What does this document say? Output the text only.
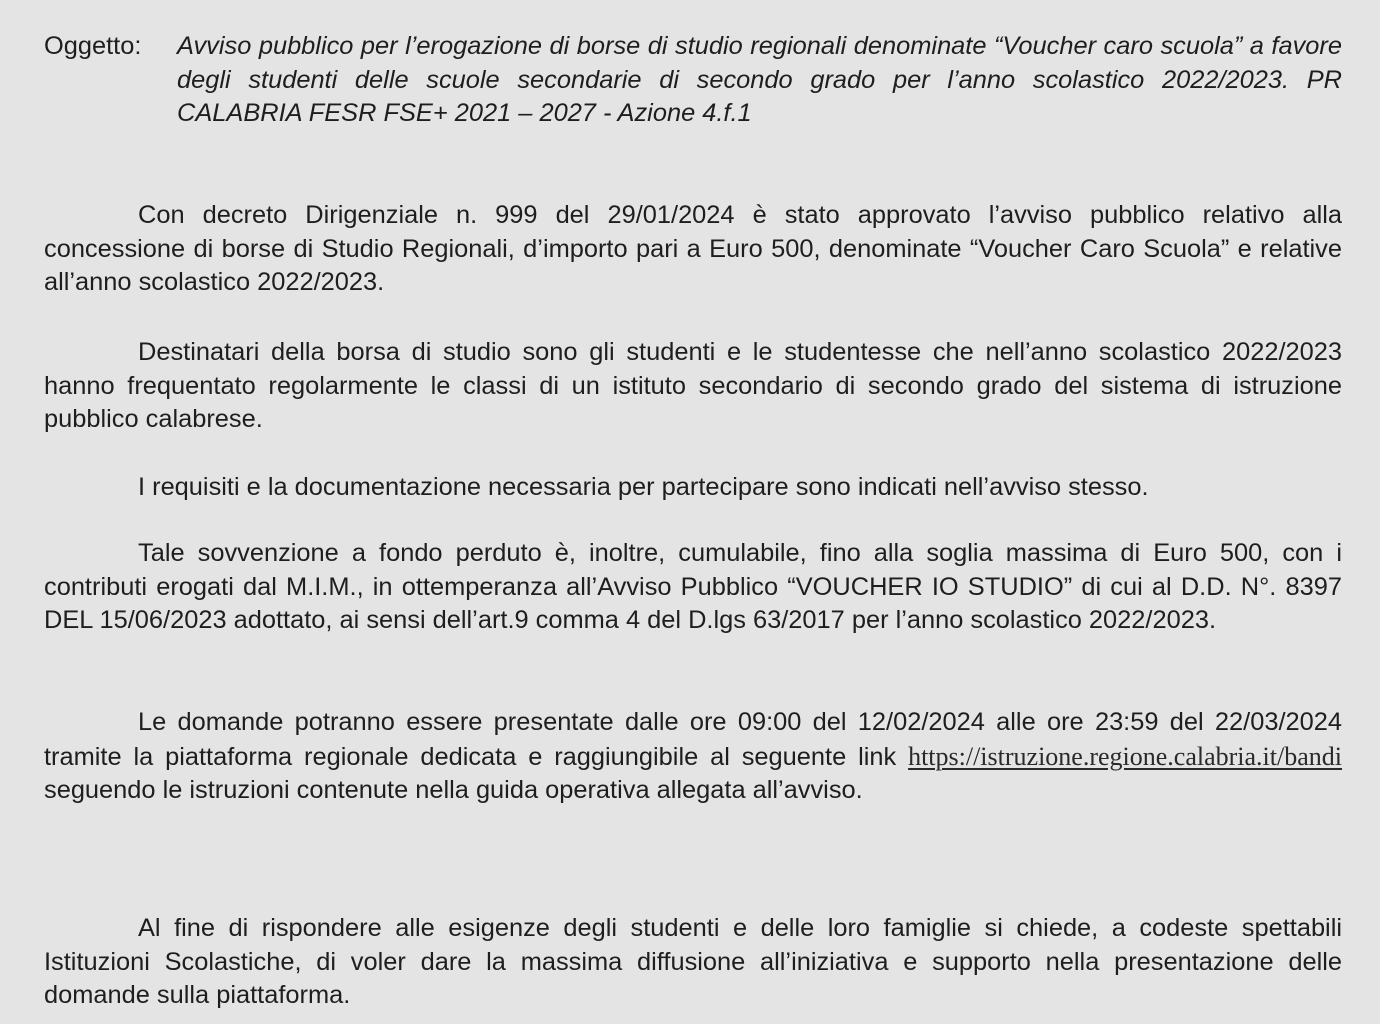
Oggetto:	Avviso pubblico per l’erogazione di borse di studio regionali denominate “Voucher caro scuola” a favore degli studenti delle scuole secondarie di secondo grado per l’anno scolastico 2022/2023. PR CALABRIA FESR FSE+ 2021 – 2027 - Azione 4.f.1

Con decreto Dirigenziale n. 999 del 29/01/2024 è stato approvato l’avviso pubblico relativo alla concessione di borse di Studio Regionali, d’importo pari a Euro 500, denominate “Voucher Caro Scuola” e relative all’anno scolastico 2022/2023.

Destinatari della borsa di studio sono gli studenti e le studentesse che nell’anno scolastico 2022/2023 hanno frequentato regolarmente le classi di un istituto secondario di secondo grado del sistema di istruzione pubblico calabrese.

I requisiti e la documentazione necessaria per partecipare sono indicati nell’avviso stesso.

Tale sovvenzione a fondo perduto è, inoltre, cumulabile, fino alla soglia massima di Euro 500, con i contributi erogati dal M.I.M., in ottemperanza all’Avviso Pubblico “VOUCHER IO STUDIO” di cui al D.D. N°. 8397 DEL 15/06/2023 adottato, ai sensi dell’art.9 comma 4 del D.lgs 63/2017 per l’anno scolastico 2022/2023.

Le domande potranno essere presentate dalle ore 09:00 del 12/02/2024 alle ore 23:59 del 22/03/2024 tramite la piattaforma regionale dedicata e raggiungibile al seguente link https://istruzione.regione.calabria.it/bandi seguendo le istruzioni contenute nella guida operativa allegata all’avviso.

Al fine di rispondere alle esigenze degli studenti e delle loro famiglie si chiede, a codeste spettabili Istituzioni Scolastiche, di voler dare la massima diffusione all’iniziativa e supporto nella presentazione delle domande sulla piattaforma.
